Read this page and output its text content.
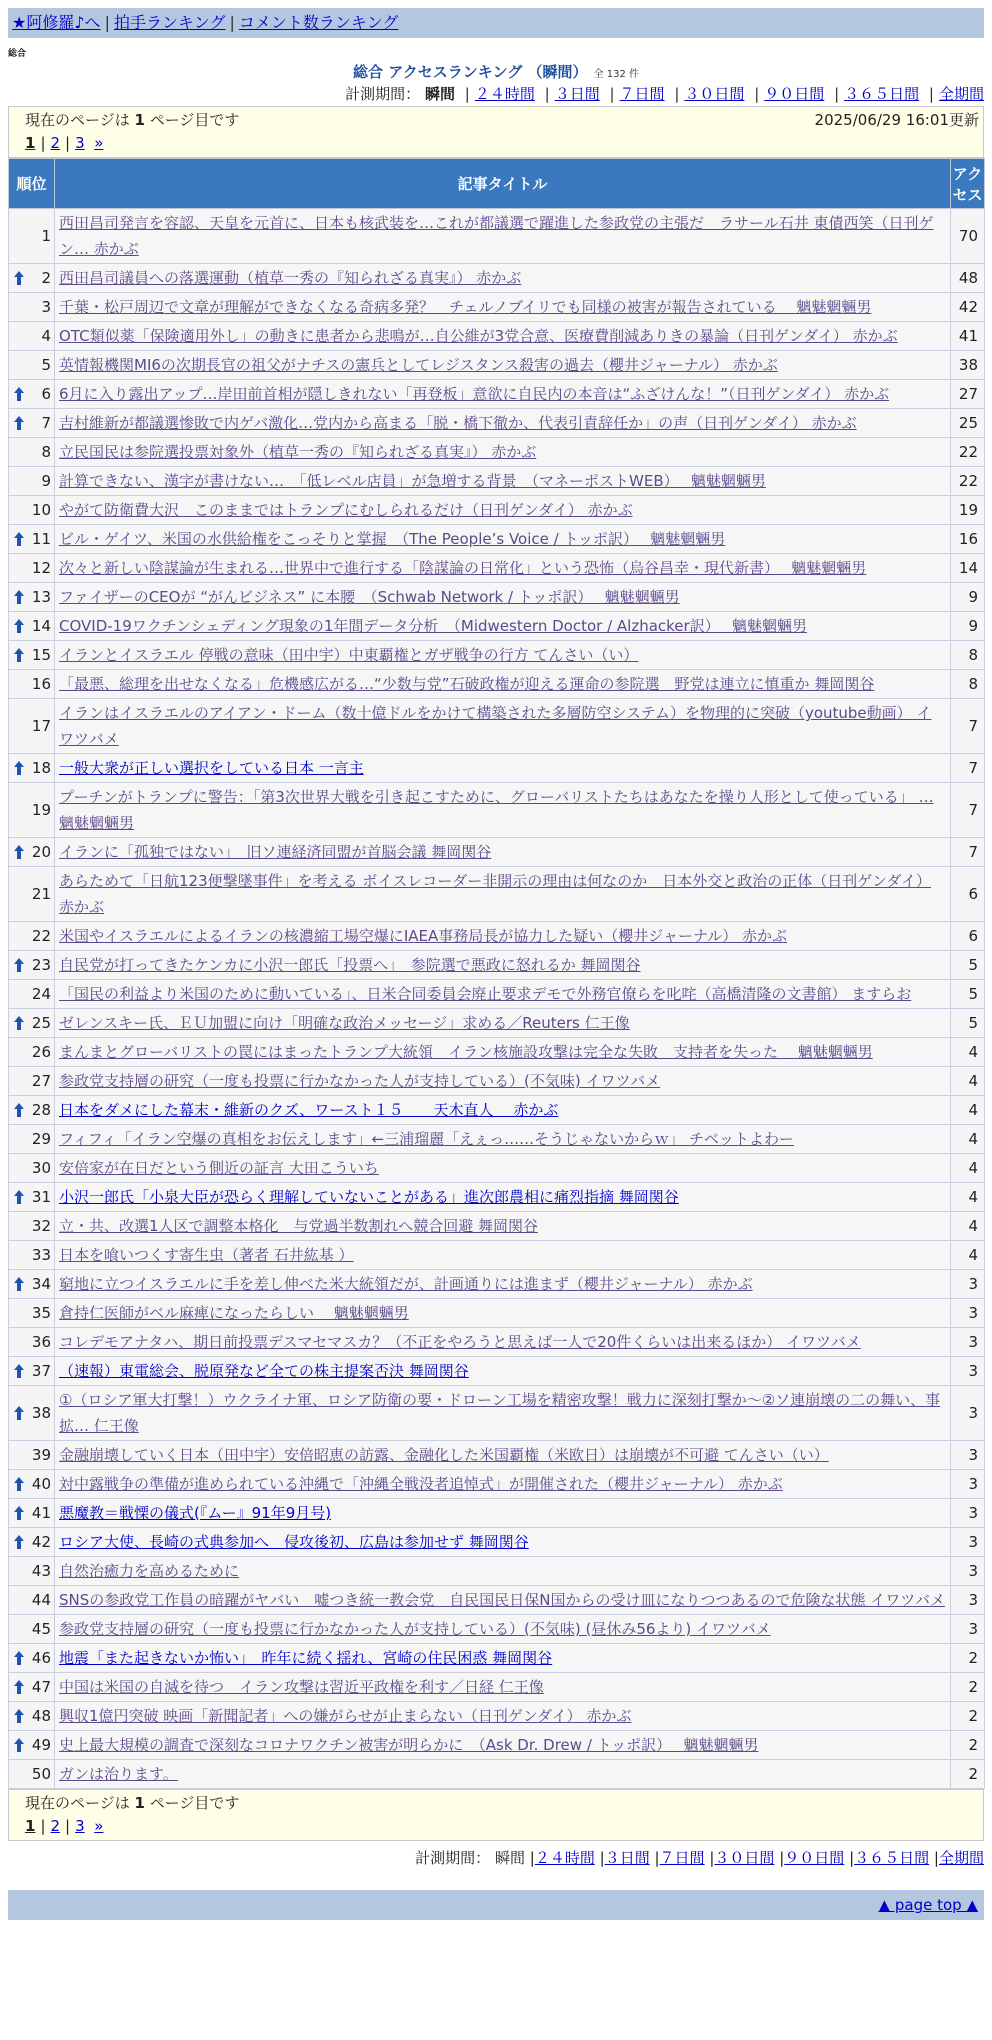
★阿修羅♪へ | 拍手ランキング | コメント数ランキング
総合
総合 アクセスランキング （瞬間） 全 132 件
計測期間： 瞬間 | ２４時間 | ３日間 | ７日間 | ３０日間 | ９０日間 | ３６５日間 | 全期間
現在のページは 1 ページ目です	2025/06/29 16:01更新
1 | 2 | 3 »
順位	記事タイトル	アクセス
1	西田昌司発言を容認、天皇を元首に、日本も核武装を…これが都議選で躍進した参政党の主張だ　ラサール石井 東債西笑（日刊ゲン… 赤かぶ	70

2	西田昌司議員への落選運動（植草一秀の『知られざる真実』） 赤かぶ	48
3	千葉・松戸周辺で文章が理解ができなくなる奇病多発？　チェルノブイリでも同様の被害が報告されている　 魑魅魍魎男	42
4	OTC類似薬「保険適用外し」の動きに患者から悲鳴が…自公維が3党合意、医療費削減ありきの暴論（日刊ゲンダイ） 赤かぶ	41
5	英情報機関MI6の次期長官の祖父がナチスの憲兵としてレジスタンス殺害の過去（櫻井ジャーナル） 赤かぶ	38

6	6月に入り露出アップ…岸田前首相が隠しきれない「再登板」意欲に自民内の本音は“ふざけんな！”（日刊ゲンダイ） 赤かぶ	27

7	吉村維新が都議選惨敗で内ゲバ激化…党内から高まる「脱・橋下徹か、代表引責辞任か」の声（日刊ゲンダイ） 赤かぶ	25
8	立民国民は参院選投票対象外（植草一秀の『知られざる真実』） 赤かぶ	22
9	計算できない、漢字が書けない…　「低レベル店員」が急増する背景　（マネーポストWEB）　 魑魅魍魎男	22
10	やがて防衛費大沢　このままではトランプにむしられるだけ（日刊ゲンダイ） 赤かぶ	19

11	ビル・ゲイツ、米国の水供給権をこっそりと掌握　（The People’s Voice / トッポ訳）　 魑魅魍魎男	16
12	次々と新しい陰謀論が生まれる…世界中で進行する「陰謀論の日常化」という恐怖（烏谷昌幸・現代新書）　 魑魅魍魎男	14

13	ファイザーのCEOが “がんビジネス” に本腰　（Schwab Network / トッポ訳）　 魑魅魍魎男	9

14	COVID-19ワクチンシェディング現象の1年間データ分析　（Midwestern Doctor / Alzhacker訳）　 魑魅魍魎男	9

15	イランとイスラエル 停戦の意味（田中宇）中東覇権とガザ戦争の行方 てんさい（い）	8
16	「最悪、総理を出せなくなる」危機感広がる…“少数与党”石破政権が迎える運命の参院選　野党は連立に慎重か 舞岡関谷	8
17	イランはイスラエルのアイアン・ドーム（数十億ドルをかけて構築された多層防空システム）を物理的に突破（youtube動画） イワツバメ	7

18	一般大衆が正しい選択をしている日本 一言主	7
19	プーチンがトランプに警告：「第3次世界大戦を引き起こすために、グローバリストたちはあなたを操り人形として使っている」 … 魑魅魍魎男	7

20	イランに「孤独ではない」　旧ソ連経済同盟が首脳会議 舞岡関谷	7
21	あらためて「日航123便撃墜事件」を考える ボイスレコーダー非開示の理由は何なのか　日本外交と政治の正体（日刊ゲンダイ） 赤かぶ	6
22	米国やイスラエルによるイランの核濃縮工場空爆にIAEA事務局長が協力した疑い（櫻井ジャーナル） 赤かぶ	6

23	自民党が打ってきたケンカに小沢一郎氏「投票へ」　参院選で悪政に怒れるか 舞岡関谷	5
24	「国民の利益より米国のために動いている」、日米合同委員会廃止要求デモで外務官僚らを叱咤（高橋清隆の文書館） ますらお	5

25	ゼレンスキー氏、ＥＵ加盟に向け「明確な政治メッセージ」求める／Reuters 仁王像	5
26	まんまとグローバリストの罠にはまったトランプ大統領　イラン核施設攻撃は完全な失敗　支持者を失った　 魑魅魍魎男	4
27	参政党支持層の研究（一度も投票に行かなかった人が支持している）(不気味) イワツバメ	4

28	日本をダメにした幕末・維新のクズ、ワースト１５　　天木直人　 赤かぶ	4
29	フィフィ「イラン空爆の真相をお伝えします」←三浦瑠麗「えぇっ……そうじゃないからｗ」 チベットよわー	4
30	安倍家が在日だという側近の証言 大田こういち	4

31	小沢一郎氏「小泉大臣が恐らく理解していないことがある」進次郎農相に痛烈指摘 舞岡関谷	4
32	立・共、改選1人区で調整本格化　与党過半数割れへ競合回避 舞岡関谷	4
33	日本を喰いつくす寄生虫（著者 石井紘基 ）	4

34	窮地に立つイスラエルに手を差し伸べた米大統領だが、計画通りには進まず（櫻井ジャーナル） 赤かぶ	3
35	倉持仁医師がベル麻痺になったらしい　 魑魅魍魎男	3
36	コレデモアナタハ、期日前投票デスマセマスカ？（不正をやろうと思えば一人で20件くらいは出来るほか） イワツバメ	3

37	（速報）東電総会、脱原発など全ての株主提案否決 舞岡関谷	3

38	①（ロシア軍大打撃！）ウクライナ軍、ロシア防衛の要・ドローン工場を精密攻撃！戦力に深刻打撃か～②ソ連崩壊の二の舞い、事拡… 仁王像	3
39	金融崩壊していく日本（田中宇）安倍昭恵の訪露、金融化した米国覇権（米欧日）は崩壊が不可避 てんさい（い）	3

40	対中露戦争の準備が進められている沖縄で「沖縄全戦没者追悼式」が開催された（櫻井ジャーナル） 赤かぶ	3

41	悪魔教＝戦慄の儀式(『ムー』91年9月号)	3

42	ロシア大使、長崎の式典参加へ　侵攻後初、広島は参加せず 舞岡関谷	3
43	自然治癒力を高めるために	3
44	SNSの参政党工作員の暗躍がヤバい　嘘つき統一教会党　自民国民日保N国からの受け皿になりつつあるので危険な状態 イワツバメ	3
45	参政党支持層の研究（一度も投票に行かなかった人が支持している）(不気味) (昼休み56より) イワツバメ	3

46	地震「また起きないか怖い」　昨年に続く揺れ、宮崎の住民困惑 舞岡関谷	2

47	中国は米国の自滅を待つ　イラン攻撃は習近平政権を利す／日経 仁王像	2

48	興収1億円突破 映画「新聞記者」への嫌がらせが止まらない（日刊ゲンダイ） 赤かぶ	2

49	史上最大規模の調査で深刻なコロナワクチン被害が明らかに　（Ask Dr. Drew / トッポ訳）　 魑魅魍魎男	2
50	ガンは治ります。	2
現在のページは 1 ページ目です
1 | 2 | 3 »
計測期間： 瞬間 |２４時間 |３日間 |７日間 |３０日間 |９０日間 |３６５日間 |全期間
▲ page top ▲
